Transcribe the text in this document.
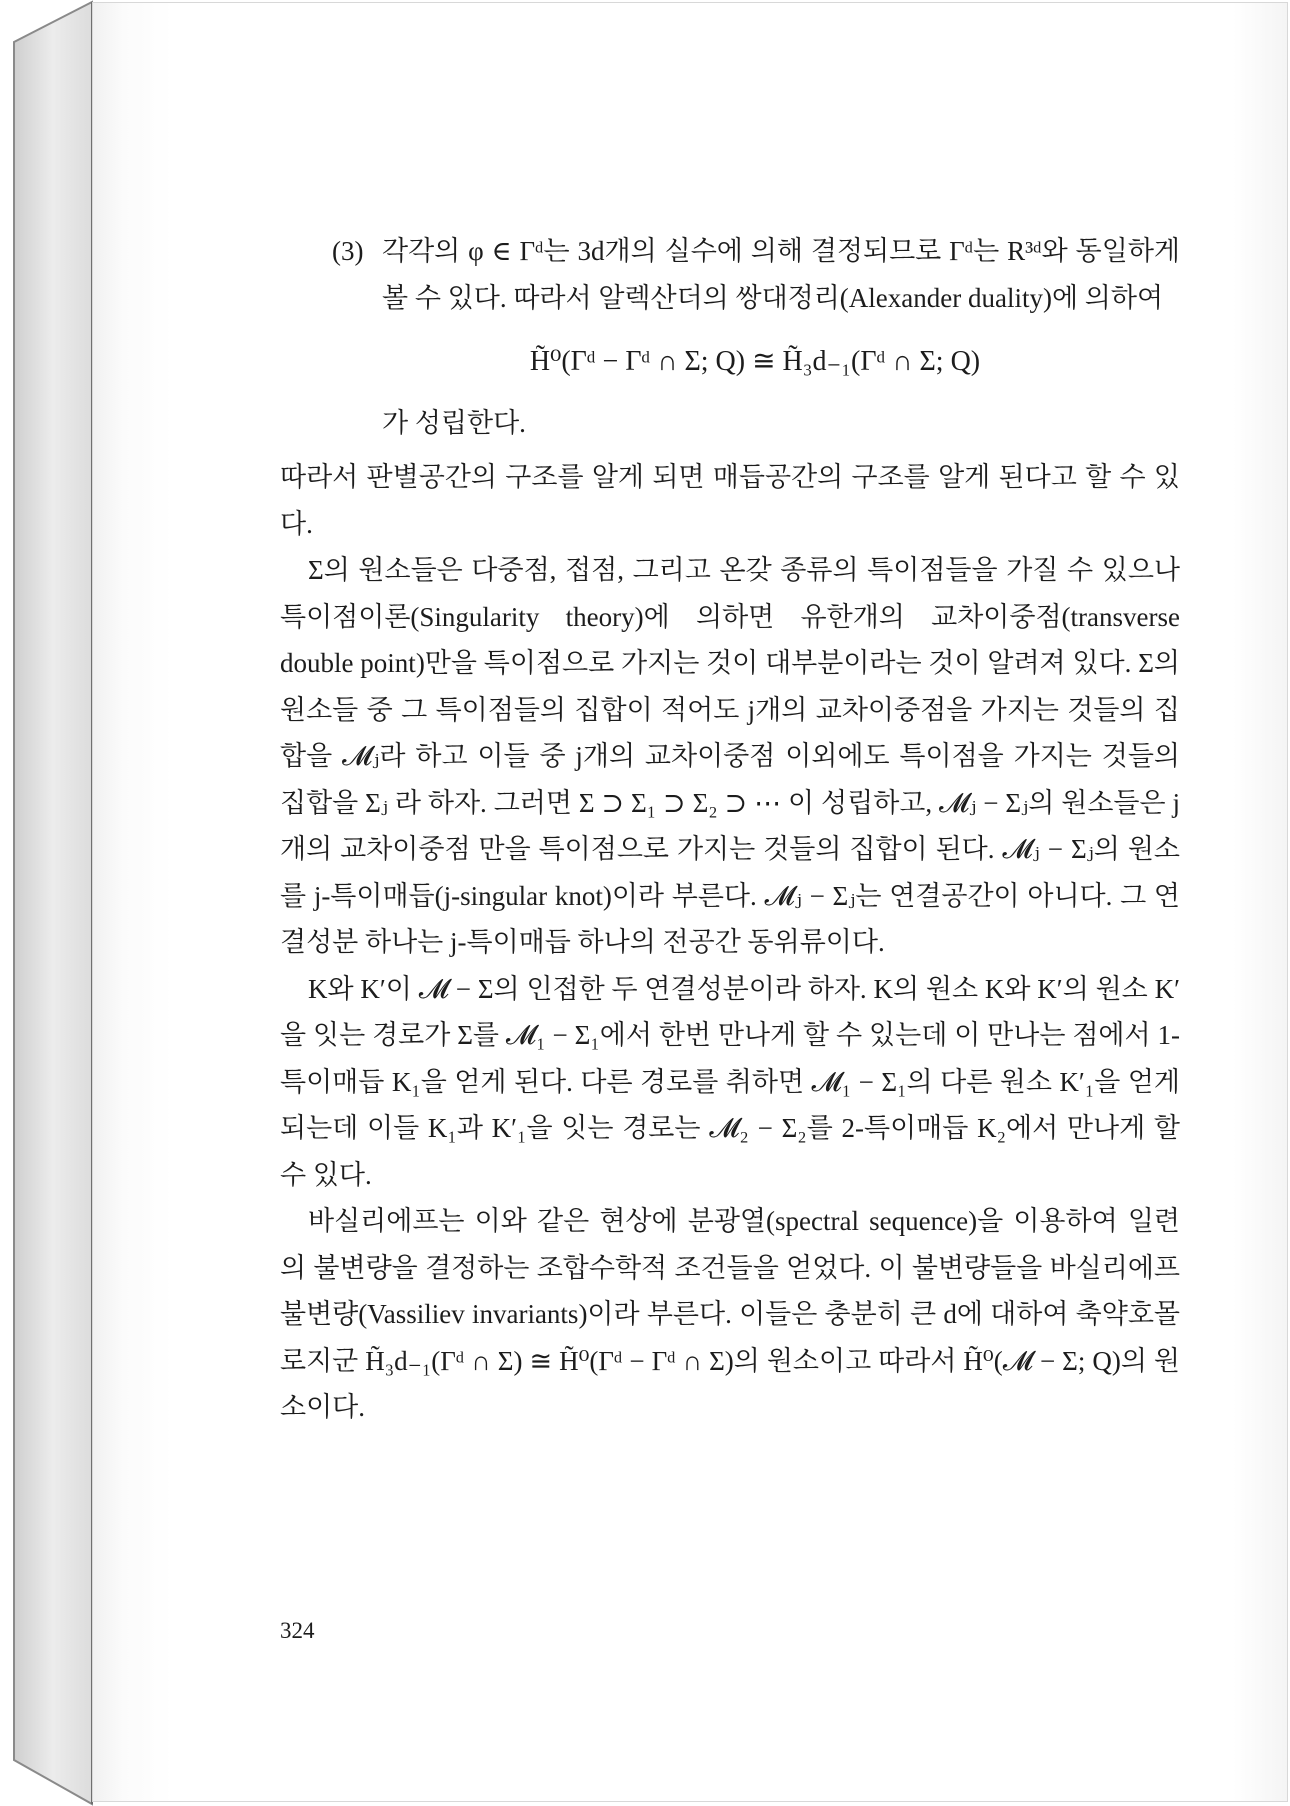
(3) 각각의 φ ∈ Γᵈ는 3d개의 실수에 의해 결정되므로 Γᵈ는 R³ᵈ와 동일하게 볼 수 있다. 따라서 알렉산더의 쌍대정리(Alexander duality)에 의하여

H̃⁰(Γᵈ − Γᵈ ∩ Σ; Q) ≅ H̃₃d₋₁(Γᵈ ∩ Σ; Q)
가 성립한다.

따라서 판별공간의 구조를 알게 되면 매듭공간의 구조를 알게 된다고 할 수 있다.

Σ의 원소들은 다중점, 접점, 그리고 온갖 종류의 특이점들을 가질 수 있으나 특이점이론(Singularity theory)에 의하면 유한개의 교차이중점(transverse double point)만을 특이점으로 가지는 것이 대부분이라는 것이 알려져 있다. Σ의 원소들 중 그 특이점들의 집합이 적어도 j개의 교차이중점을 가지는 것들의 집합을 𝓜ⱼ라 하고 이들 중 j개의 교차이중점 이외에도 특이점을 가지는 것들의 집합을 Σⱼ 라 하자. 그러면 Σ ⊃ Σ₁ ⊃ Σ₂ ⊃ ⋯ 이 성립하고, 𝓜ⱼ − Σⱼ의 원소들은 j개의 교차이중점 만을 특이점으로 가지는 것들의 집합이 된다. 𝓜ⱼ − Σⱼ의 원소를 j-특이매듭(j-singular knot)이라 부른다. 𝓜ⱼ − Σⱼ는 연결공간이 아니다. 그 연결성분 하나는 j-특이매듭 하나의 전공간 동위류이다.

K와 K′이 𝓜 − Σ의 인접한 두 연결성분이라 하자. K의 원소 K와 K′의 원소 K′을 잇는 경로가 Σ를 𝓜₁ − Σ₁에서 한번 만나게 할 수 있는데 이 만나는 점에서 1-특이매듭 K₁을 얻게 된다. 다른 경로를 취하면 𝓜₁ − Σ₁의 다른 원소 K′₁을 얻게 되는데 이들 K₁과 K′₁을 잇는 경로는 𝓜₂ − Σ₂를 2-특이매듭 K₂에서 만나게 할 수 있다.

바실리에프는 이와 같은 현상에 분광열(spectral sequence)을 이용하여 일련의 불변량을 결정하는 조합수학적 조건들을 얻었다. 이 불변량들을 바실리에프 불변량(Vassiliev invariants)이라 부른다. 이들은 충분히 큰 d에 대하여 축약호몰로지군 H̃₃d₋₁(Γᵈ ∩ Σ) ≅ H̃⁰(Γᵈ − Γᵈ ∩ Σ)의 원소이고 따라서 H̃⁰(𝓜 − Σ; Q)의 원소이다.

324
